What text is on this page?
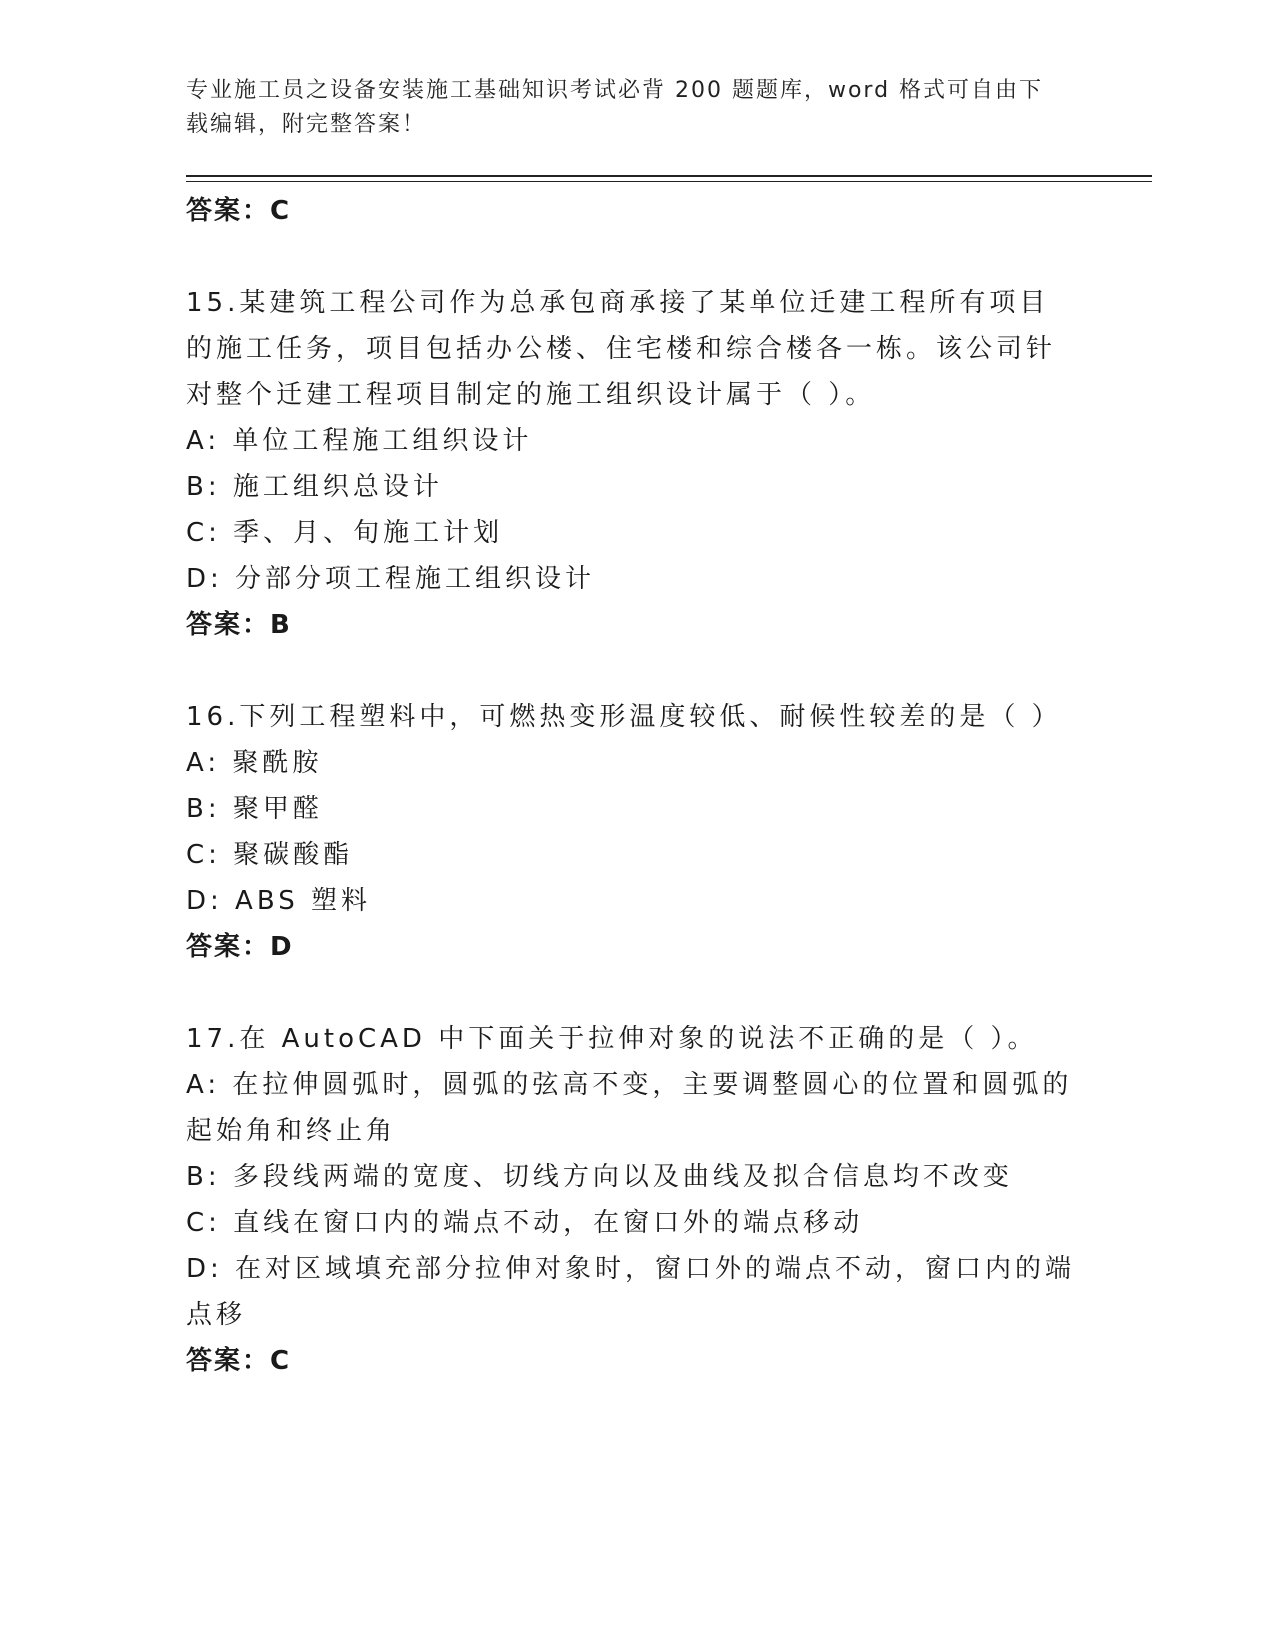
专业施工员之设备安装施工基础知识考试必背 200 题题库，word 格式可自由下载编辑，附完整答案！
答案：C
15.某建筑工程公司作为总承包商承接了某单位迁建工程所有项目的施工任务，项目包括办公楼、住宅楼和综合楼各一栋。该公司针对整个迁建工程项目制定的施工组织设计属于（ ）。
A: 单位工程施工组织设计
B: 施工组织总设计
C: 季、月、旬施工计划
D: 分部分项工程施工组织设计
答案：B
16.下列工程塑料中，可燃热变形温度较低、耐候性较差的是（ ）
A: 聚酰胺
B: 聚甲醛
C: 聚碳酸酯
D: ABS 塑料
答案：D
17.在 AutoCAD 中下面关于拉伸对象的说法不正确的是（ ）。
A: 在拉伸圆弧时，圆弧的弦高不变，主要调整圆心的位置和圆弧的起始角和终止角
B: 多段线两端的宽度、切线方向以及曲线及拟合信息均不改变
C: 直线在窗口内的端点不动，在窗口外的端点移动
D: 在对区域填充部分拉伸对象时，窗口外的端点不动，窗口内的端点移
答案：C
